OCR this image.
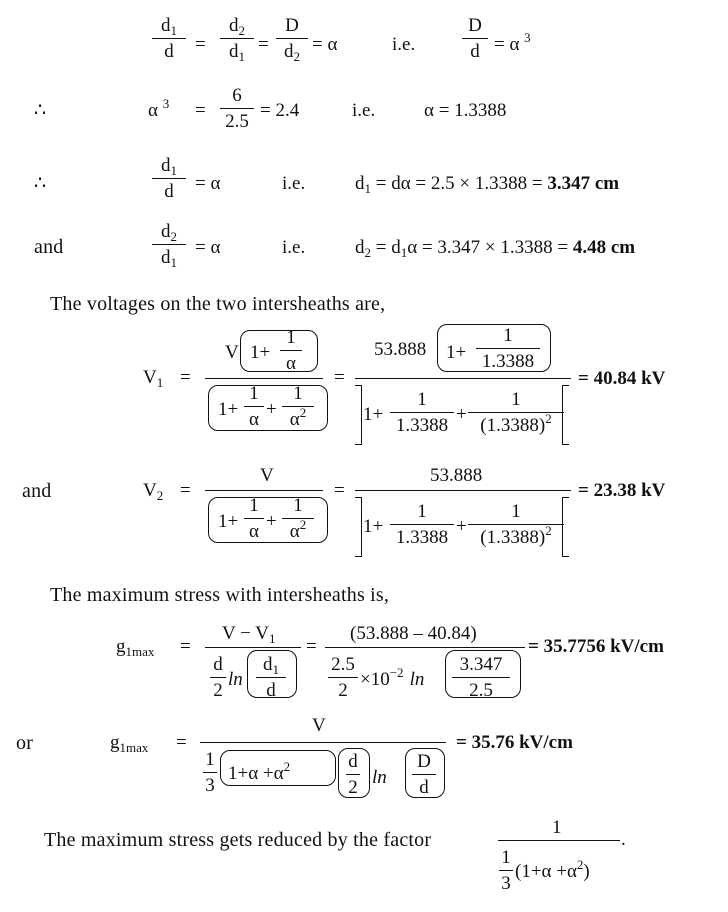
$\frac{d_1}{d} = \frac{d_2}{d_1} = \frac{D}{d_2} = \alpha$	i.e. $\frac{D}{d} = \alpha$ $^3$
∴	α $^3 = \frac{6}{2.5} = 2.4$	i.e.	α = 1.3388
∴	$\frac{d_1}{d} = \alpha$	i.e.	$d_1 = d\alpha = 2.5 \times 1.3388 = 3.347$ cm
and	$\frac{d_2}{d_1} = \alpha$	i.e.	$d_2 = d_1\alpha = 3.347 \times 1.3388 = 4.48$ cm
The voltages on the two intersheaths are,
$V_1$ =
V $1+ \frac{1}{\alpha}$
$1+ \frac{1}{\alpha} + \frac{1}{\alpha^2}$
=
53.888 $1+ \frac{1}{1.3388}$
$1+ \frac{1}{1.3388} + \frac{1}{(1.3388)^2}$
= 40.84 kV
and	$V_2$ =
V
$1+ \frac{1}{\alpha} + \frac{1}{\alpha^2}$
=
53.888
$1+ \frac{1}{1.3388} + \frac{1}{(1.3388)^2}$
= 23.38 kV
The maximum stress with intersheaths is,
$g_{1max}$ =
$V - V_1$
$\frac{d}{2}$ $\ln \frac{d_1}{d}$
=
(53.888 – 40.84)
$\frac{2.5}{2} \times 10^{-2}$ $\ln \frac{3.347}{2.5}$
= 35.7756 kV/cm
or	$g_{1max}$ =
V
$\frac{1}{3} 1+\alpha +\alpha^2$	$\frac{d}{2}$ $\ln \frac{D}{d}$
= 35.76 kV/cm
The maximum stress gets reduced by the factor
1
.
$\frac{1}{3} (1+\alpha +\alpha^2)$
